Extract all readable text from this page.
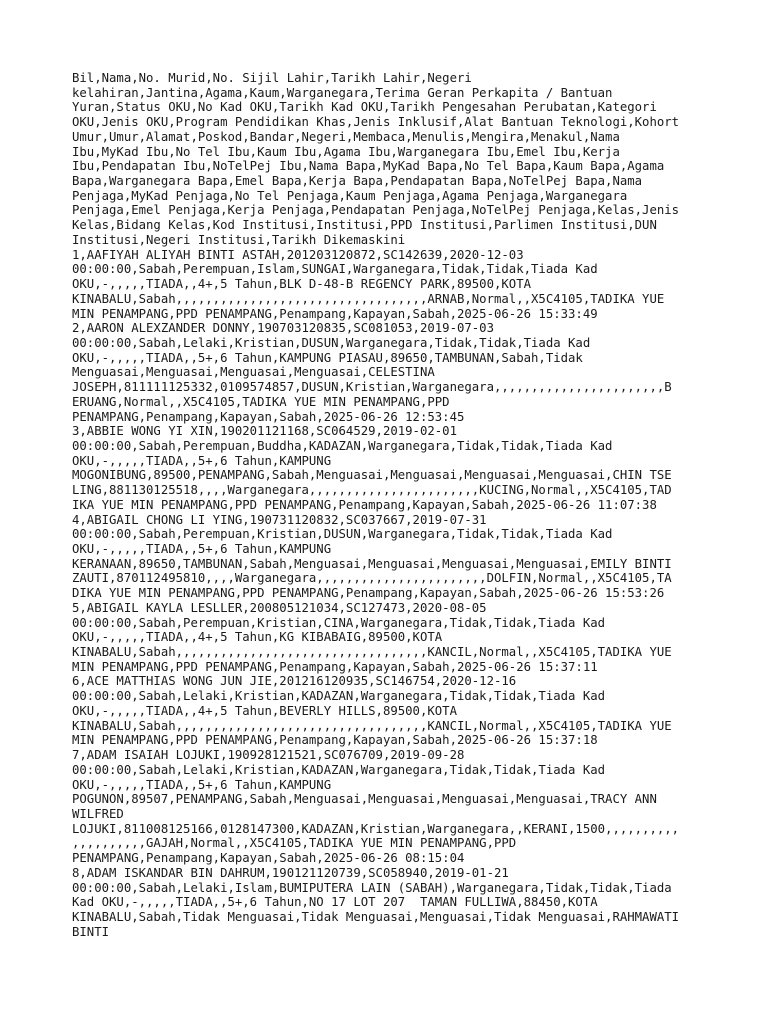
Bil,Nama,No. Murid,No. Sijil Lahir,Tarikh Lahir,Negeri
kelahiran,Jantina,Agama,Kaum,Warganegara,Terima Geran Perkapita / Bantuan
Yuran,Status OKU,No Kad OKU,Tarikh Kad OKU,Tarikh Pengesahan Perubatan,Kategori
OKU,Jenis OKU,Program Pendidikan Khas,Jenis Inklusif,Alat Bantuan Teknologi,Kohort
Umur,Umur,Alamat,Poskod,Bandar,Negeri,Membaca,Menulis,Mengira,Menakul,Nama
Ibu,MyKad Ibu,No Tel Ibu,Kaum Ibu,Agama Ibu,Warganegara Ibu,Emel Ibu,Kerja
Ibu,Pendapatan Ibu,NoTelPej Ibu,Nama Bapa,MyKad Bapa,No Tel Bapa,Kaum Bapa,Agama
Bapa,Warganegara Bapa,Emel Bapa,Kerja Bapa,Pendapatan Bapa,NoTelPej Bapa,Nama
Penjaga,MyKad Penjaga,No Tel Penjaga,Kaum Penjaga,Agama Penjaga,Warganegara
Penjaga,Emel Penjaga,Kerja Penjaga,Pendapatan Penjaga,NoTelPej Penjaga,Kelas,Jenis
Kelas,Bidang Kelas,Kod Institusi,Institusi,PPD Institusi,Parlimen Institusi,DUN
Institusi,Negeri Institusi,Tarikh Dikemaskini
1,AAFIYAH ALIYAH BINTI ASTAH,201203120872,SC142639,2020-12-03
00:00:00,Sabah,Perempuan,Islam,SUNGAI,Warganegara,Tidak,Tidak,Tiada Kad
OKU,-,,,,,TIADA,,4+,5 Tahun,BLK D-48-B REGENCY PARK,89500,KOTA
KINABALU,Sabah,,,,,,,,,,,,,,,,,,,,,,,,,,,,,,,,,,ARNAB,Normal,,X5C4105,TADIKA YUE
MIN PENAMPANG,PPD PENAMPANG,Penampang,Kapayan,Sabah,2025-06-26 15:33:49
2,AARON ALEXZANDER DONNY,190703120835,SC081053,2019-07-03
00:00:00,Sabah,Lelaki,Kristian,DUSUN,Warganegara,Tidak,Tidak,Tiada Kad
OKU,-,,,,,TIADA,,5+,6 Tahun,KAMPUNG PIASAU,89650,TAMBUNAN,Sabah,Tidak
Menguasai,Menguasai,Menguasai,Menguasai,CELESTINA
JOSEPH,811111125332,0109574857,DUSUN,Kristian,Warganegara,,,,,,,,,,,,,,,,,,,,,,,B
ERUANG,Normal,,X5C4105,TADIKA YUE MIN PENAMPANG,PPD
PENAMPANG,Penampang,Kapayan,Sabah,2025-06-26 12:53:45
3,ABBIE WONG YI XIN,190201121168,SC064529,2019-02-01
00:00:00,Sabah,Perempuan,Buddha,KADAZAN,Warganegara,Tidak,Tidak,Tiada Kad
OKU,-,,,,,TIADA,,5+,6 Tahun,KAMPUNG
MOGONIBUNG,89500,PENAMPANG,Sabah,Menguasai,Menguasai,Menguasai,Menguasai,CHIN TSE
LING,881130125518,,,,Warganegara,,,,,,,,,,,,,,,,,,,,,,,KUCING,Normal,,X5C4105,TAD
IKA YUE MIN PENAMPANG,PPD PENAMPANG,Penampang,Kapayan,Sabah,2025-06-26 11:07:38
4,ABIGAIL CHONG LI YING,190731120832,SC037667,2019-07-31
00:00:00,Sabah,Perempuan,Kristian,DUSUN,Warganegara,Tidak,Tidak,Tiada Kad
OKU,-,,,,,TIADA,,5+,6 Tahun,KAMPUNG
KERANAAN,89650,TAMBUNAN,Sabah,Menguasai,Menguasai,Menguasai,Menguasai,EMILY BINTI
ZAUTI,870112495810,,,,Warganegara,,,,,,,,,,,,,,,,,,,,,,,DOLFIN,Normal,,X5C4105,TA
DIKA YUE MIN PENAMPANG,PPD PENAMPANG,Penampang,Kapayan,Sabah,2025-06-26 15:53:26
5,ABIGAIL KAYLA LESLLER,200805121034,SC127473,2020-08-05
00:00:00,Sabah,Perempuan,Kristian,CINA,Warganegara,Tidak,Tidak,Tiada Kad
OKU,-,,,,,TIADA,,4+,5 Tahun,KG KIBABAIG,89500,KOTA
KINABALU,Sabah,,,,,,,,,,,,,,,,,,,,,,,,,,,,,,,,,,KANCIL,Normal,,X5C4105,TADIKA YUE
MIN PENAMPANG,PPD PENAMPANG,Penampang,Kapayan,Sabah,2025-06-26 15:37:11
6,ACE MATTHIAS WONG JUN JIE,201216120935,SC146754,2020-12-16
00:00:00,Sabah,Lelaki,Kristian,KADAZAN,Warganegara,Tidak,Tidak,Tiada Kad
OKU,-,,,,,TIADA,,4+,5 Tahun,BEVERLY HILLS,89500,KOTA
KINABALU,Sabah,,,,,,,,,,,,,,,,,,,,,,,,,,,,,,,,,,KANCIL,Normal,,X5C4105,TADIKA YUE
MIN PENAMPANG,PPD PENAMPANG,Penampang,Kapayan,Sabah,2025-06-26 15:37:18
7,ADAM ISAIAH LOJUKI,190928121521,SC076709,2019-09-28
00:00:00,Sabah,Lelaki,Kristian,KADAZAN,Warganegara,Tidak,Tidak,Tiada Kad
OKU,-,,,,,TIADA,,5+,6 Tahun,KAMPUNG
POGUNON,89507,PENAMPANG,Sabah,Menguasai,Menguasai,Menguasai,Menguasai,TRACY ANN
WILFRED
LOJUKI,811008125166,0128147300,KADAZAN,Kristian,Warganegara,,KERANI,1500,,,,,,,,,,
,,,,,,,,,,GAJAH,Normal,,X5C4105,TADIKA YUE MIN PENAMPANG,PPD
PENAMPANG,Penampang,Kapayan,Sabah,2025-06-26 08:15:04
8,ADAM ISKANDAR BIN DAHRUM,190121120739,SC058940,2019-01-21
00:00:00,Sabah,Lelaki,Islam,BUMIPUTERA LAIN (SABAH),Warganegara,Tidak,Tidak,Tiada
Kad OKU,-,,,,,TIADA,,5+,6 Tahun,NO 17 LOT 207  TAMAN FULLIWA,88450,KOTA
KINABALU,Sabah,Tidak Menguasai,Tidak Menguasai,Menguasai,Tidak Menguasai,RAHMAWATI
BINTI
